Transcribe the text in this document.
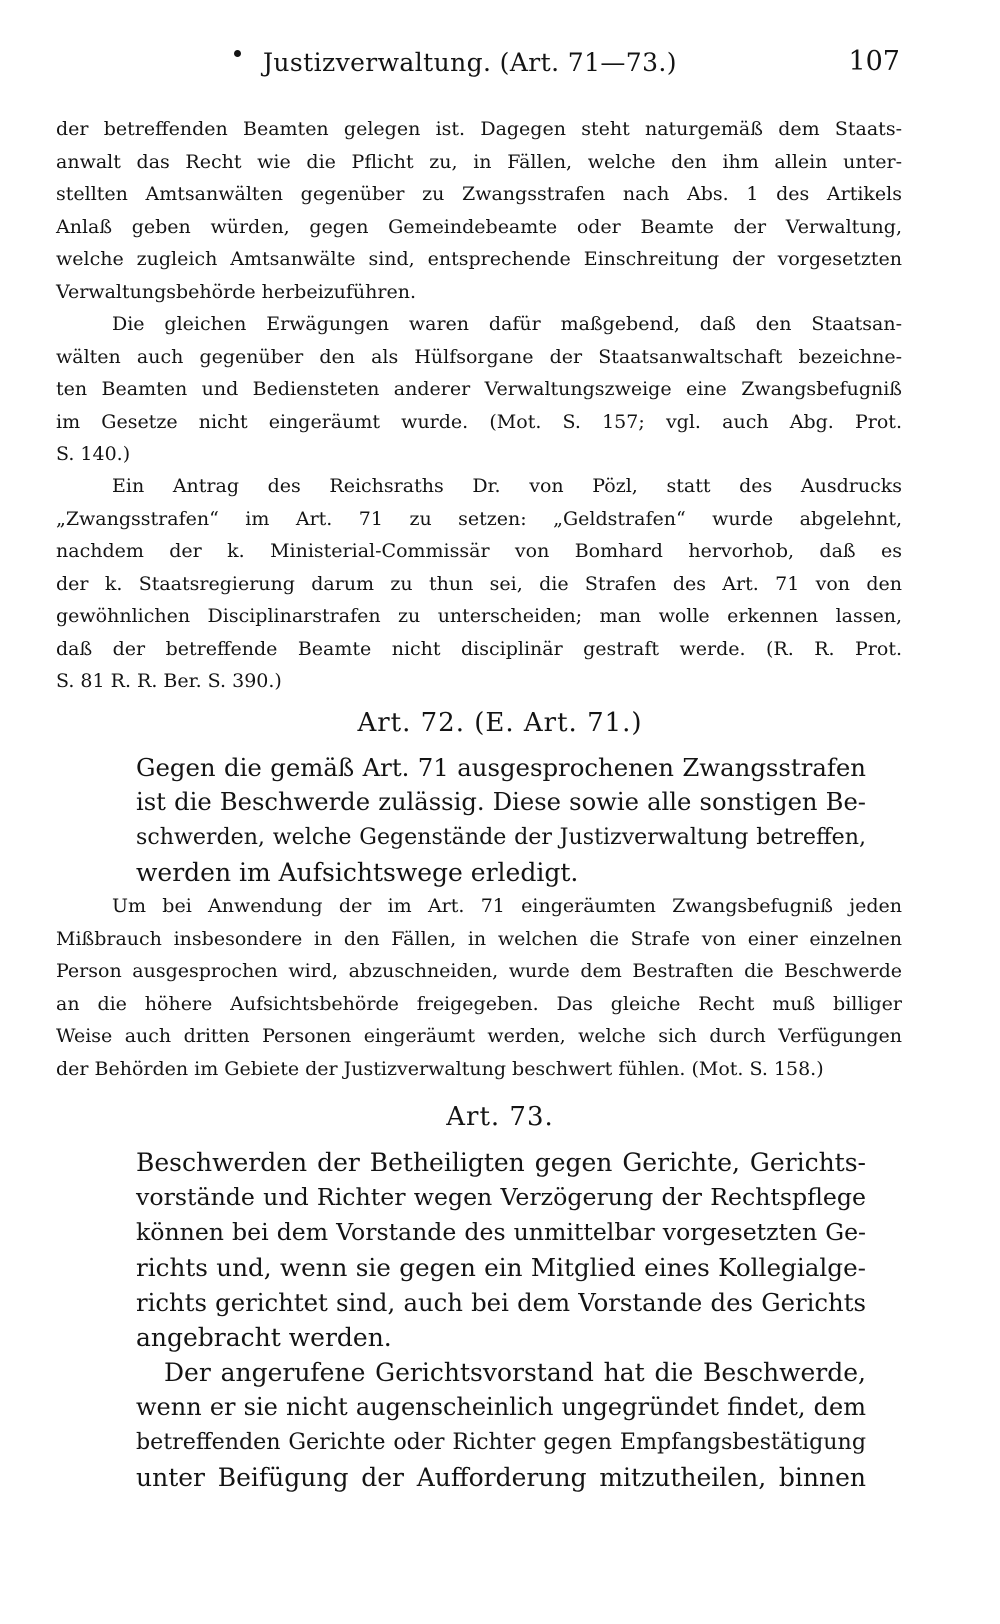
Justizverwaltung. (Art. 71—73.)	107
der betreffenden Beamten gelegen ist. Dagegen steht naturgemäß dem Staats-
anwalt das Recht wie die Pflicht zu, in Fällen, welche den ihm allein unter-
stellten Amtsanwälten gegenüber zu Zwangsstrafen nach Abs. 1 des Artikels
Anlaß geben würden, gegen Gemeindebeamte oder Beamte der Verwaltung,
welche zugleich Amtsanwälte sind, entsprechende Einschreitung der vorgesetzten
Verwaltungsbehörde herbeizuführen.
Die gleichen Erwägungen waren dafür maßgebend, daß den Staatsan-
wälten auch gegenüber den als Hülfsorgane der Staatsanwaltschaft bezeichne-
ten Beamten und Bediensteten anderer Verwaltungszweige eine Zwangsbefugniß
im Gesetze nicht eingeräumt wurde. (Mot. S. 157; vgl. auch Abg. Prot.
S. 140.)
Ein Antrag des Reichsraths Dr. von Pözl, statt des Ausdrucks
„Zwangsstrafen“ im Art. 71 zu setzen: „Geldstrafen“ wurde abgelehnt,
nachdem der k. Ministerial-Commissär von Bomhard hervorhob, daß es
der k. Staatsregierung darum zu thun sei, die Strafen des Art. 71 von den
gewöhnlichen Disciplinarstrafen zu unterscheiden; man wolle erkennen lassen,
daß der betreffende Beamte nicht disciplinär gestraft werde. (R. R. Prot.
S. 81 R. R. Ber. S. 390.)
Art. 72. (E. Art. 71.)
Gegen die gemäß Art. 71 ausgesprochenen Zwangsstrafen
ist die Beschwerde zulässig. Diese sowie alle sonstigen Be-
schwerden, welche Gegenstände der Justizverwaltung betreffen,
werden im Aufsichtswege erledigt.
Um bei Anwendung der im Art. 71 eingeräumten Zwangsbefugniß jeden
Mißbrauch insbesondere in den Fällen, in welchen die Strafe von einer einzelnen
Person ausgesprochen wird, abzuschneiden, wurde dem Bestraften die Beschwerde
an die höhere Aufsichtsbehörde freigegeben. Das gleiche Recht muß billiger
Weise auch dritten Personen eingeräumt werden, welche sich durch Verfügungen
der Behörden im Gebiete der Justizverwaltung beschwert fühlen. (Mot. S. 158.)
Art. 73.
Beschwerden der Betheiligten gegen Gerichte, Gerichts-
vorstände und Richter wegen Verzögerung der Rechtspflege
können bei dem Vorstande des unmittelbar vorgesetzten Ge-
richts und, wenn sie gegen ein Mitglied eines Kollegialge-
richts gerichtet sind, auch bei dem Vorstande des Gerichts
angebracht werden.
Der angerufene Gerichtsvorstand hat die Beschwerde,
wenn er sie nicht augenscheinlich ungegründet findet, dem
betreffenden Gerichte oder Richter gegen Empfangsbestätigung
unter Beifügung der Aufforderung mitzutheilen, binnen
